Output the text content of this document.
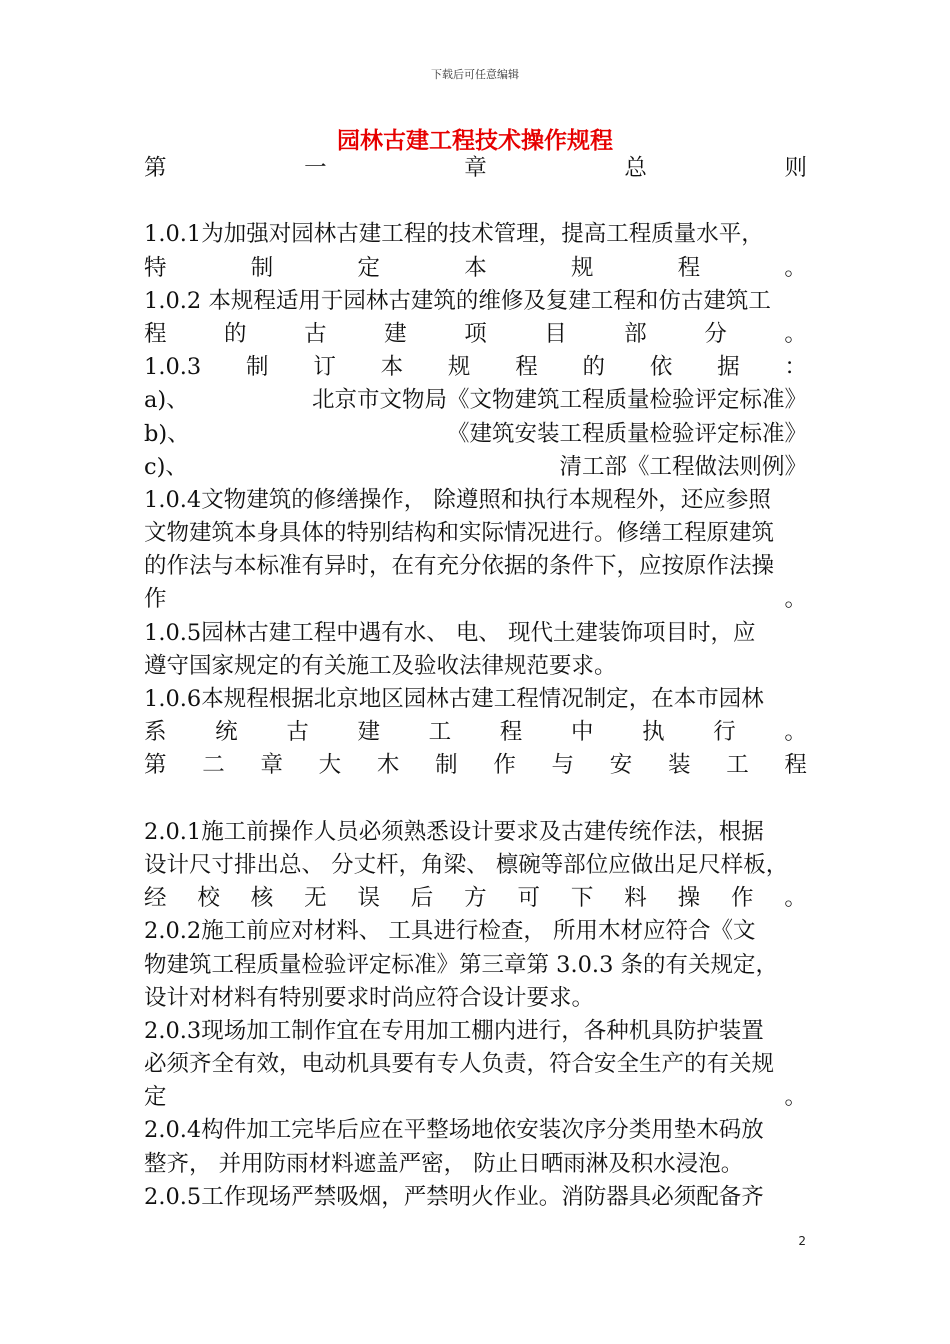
下载后可任意编辑
园林古建工程技术操作规程
第	一	章	总	则
1.0.1为加强对园林古建工程的技术管理，提高工程质量水平，
特	制	定	本	规	程	。
1.0.2 本规程适用于园林古建筑的维修及复建工程和仿古建筑工
程	的	古	建	项	目	部	分	。
1.0.3 制 订 本 规 程 的 依 据 ：
a)、	北京市文物局《文物建筑工程质量检验评定标准》
b)、	《建筑安装工程质量检验评定标准》
c)、	清工部《工程做法则例》
1.0.4文物建筑的修缮操作， 除遵照和执行本规程外，还应参照
文物建筑本身具体的特别结构和实际情况进行。修缮工程原建筑
的作法与本标准有异时，在有充分依据的条件下，应按原作法操
作	。
1.0.5园林古建工程中遇有水、 电、 现代土建装饰项目时，应
遵守国家规定的有关施工及验收法律规范要求。
1.0.6本规程根据北京地区园林古建工程情况制定，在本市园林
系 统 古 建 工 程 中 执 行 。
第 二 章 大 木 制 作 与 安 装 工 程
2.0.1施工前操作人员必须熟悉设计要求及古建传统作法，根据
设计尺寸排出总、 分丈杆，角梁、 檩碗等部位应做出足尺样板，
经 校 核 无 误 后 方 可 下 料 操 作 。
2.0.2施工前应对材料、 工具进行检查， 所用木材应符合《文
物建筑工程质量检验评定标准》第三章第 3.0.3 条的有关规定，
设计对材料有特别要求时尚应符合设计要求。
2.0.3现场加工制作宜在专用加工棚内进行，各种机具防护装置
必须齐全有效，电动机具要有专人负责，符合安全生产的有关规
定	。
2.0.4构件加工完毕后应在平整场地依安装次序分类用垫木码放
整齐， 并用防雨材料遮盖严密， 防止日晒雨淋及积水浸泡。
2.0.5工作现场严禁吸烟，严禁明火作业。消防器具必须配备齐
2
